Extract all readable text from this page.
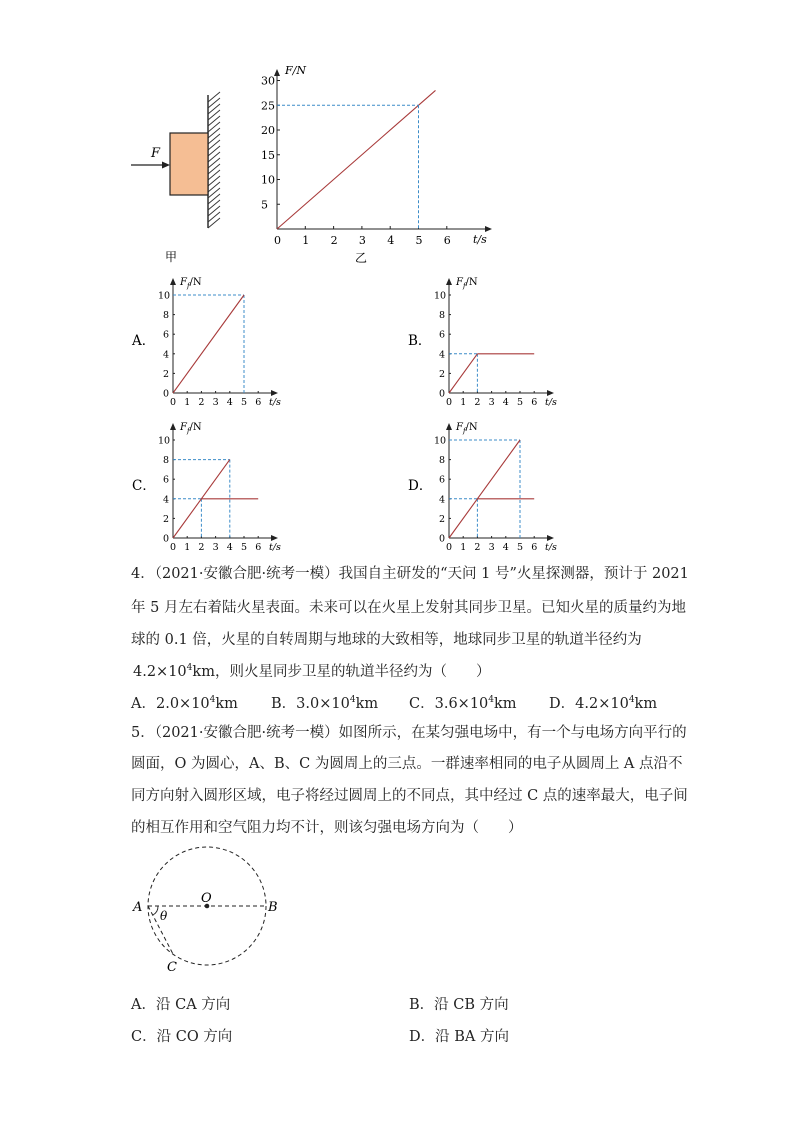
F
甲
0 1 2 3 4 5 6
5
10
15
20
25
30
F/N
t/s
乙
0 1 2 3 4 5 6
0
2
4
6
8
10
$F_f/N$
t/s
A．
0 1 2 3 4 5 6
0
2
4
6
8
10
$F_f/N$
t/s
B．
0 1 2 3 4 5 6
0
2
4
6
8
10
$F_f/N$
t/s
C．
0 1 2 3 4 5 6
0
2
4
6
8
10
$F_f/N$
t/s
D．
4．（2021·安徽合肥·统考一模）我国自主研发的“天问 1 号”火星探测器，预计于 2021
年 5 月左右着陆火星表面。未来可以在火星上发射其同步卫星。已知火星的质量约为地
球的 0.1 倍，火星的自转周期与地球的大致相等，地球同步卫星的轨道半径约为
$4.2\times 10^4km$，则火星同步卫星的轨道半径约为（　　）
A．$2.0\times 10^4km$ B．$3.0\times 10^4km$ C．$3.6\times 10^4km$ D．$4.2\times 10^4km$
5．（2021·安徽合肥·统考一模）如图所示，在某匀强电场中，有一个与电场方向平行的
圆面，O 为圆心，A、B、C 为圆周上的三点。一群速率相同的电子从圆周上 A 点沿不
同方向射入圆形区域，电子将经过圆周上的不同点，其中经过 C 点的速率最大，电子间
的相互作用和空气阻力均不计，则该匀强电场方向为（　　）
A	B
O
C
θ
A．沿 CA 方向	B．沿 CB 方向
C．沿 CO 方向	D．沿 BA 方向
